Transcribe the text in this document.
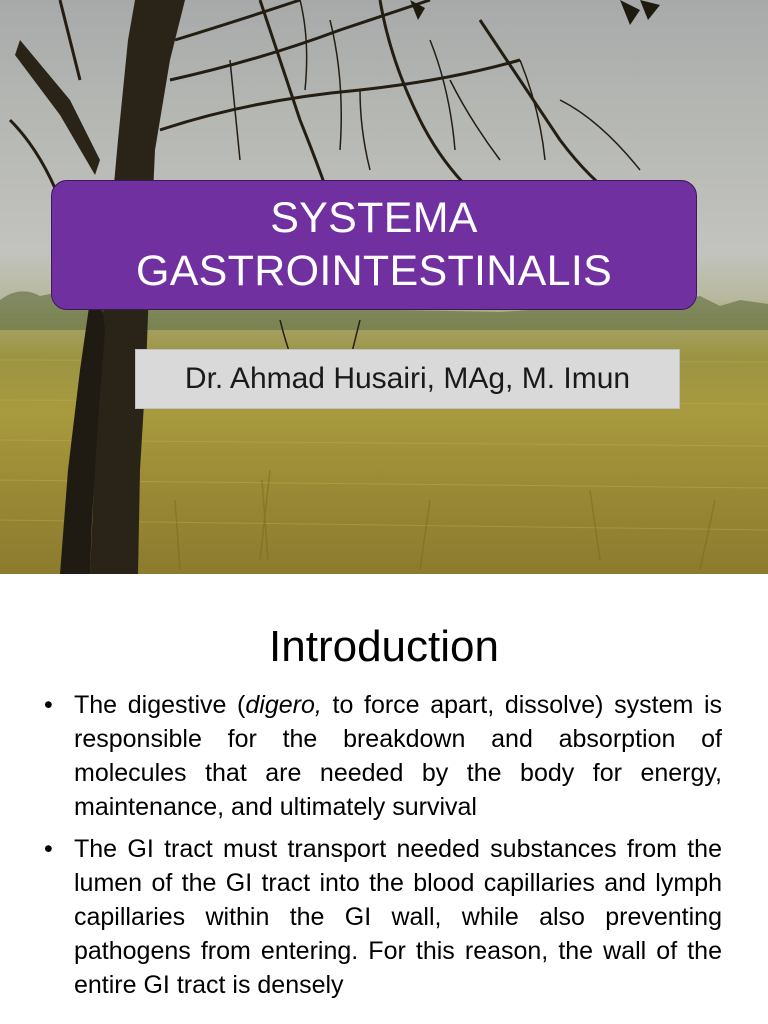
SYSTEMA
GASTROINTESTINALIS
Dr. Ahmad Husairi, MAg, M. Imun
Introduction
• The digestive (digero, to force apart, dissolve) system is responsible for the breakdown and absorption of molecules that are needed by the body for energy, maintenance, and ultimately survival
• The GI tract must transport needed substances from the lumen of the GI tract into the blood capillaries and lymph capillaries within the GI wall, while also preventing pathogens from entering. For this reason, the wall of the entire GI tract is densely
